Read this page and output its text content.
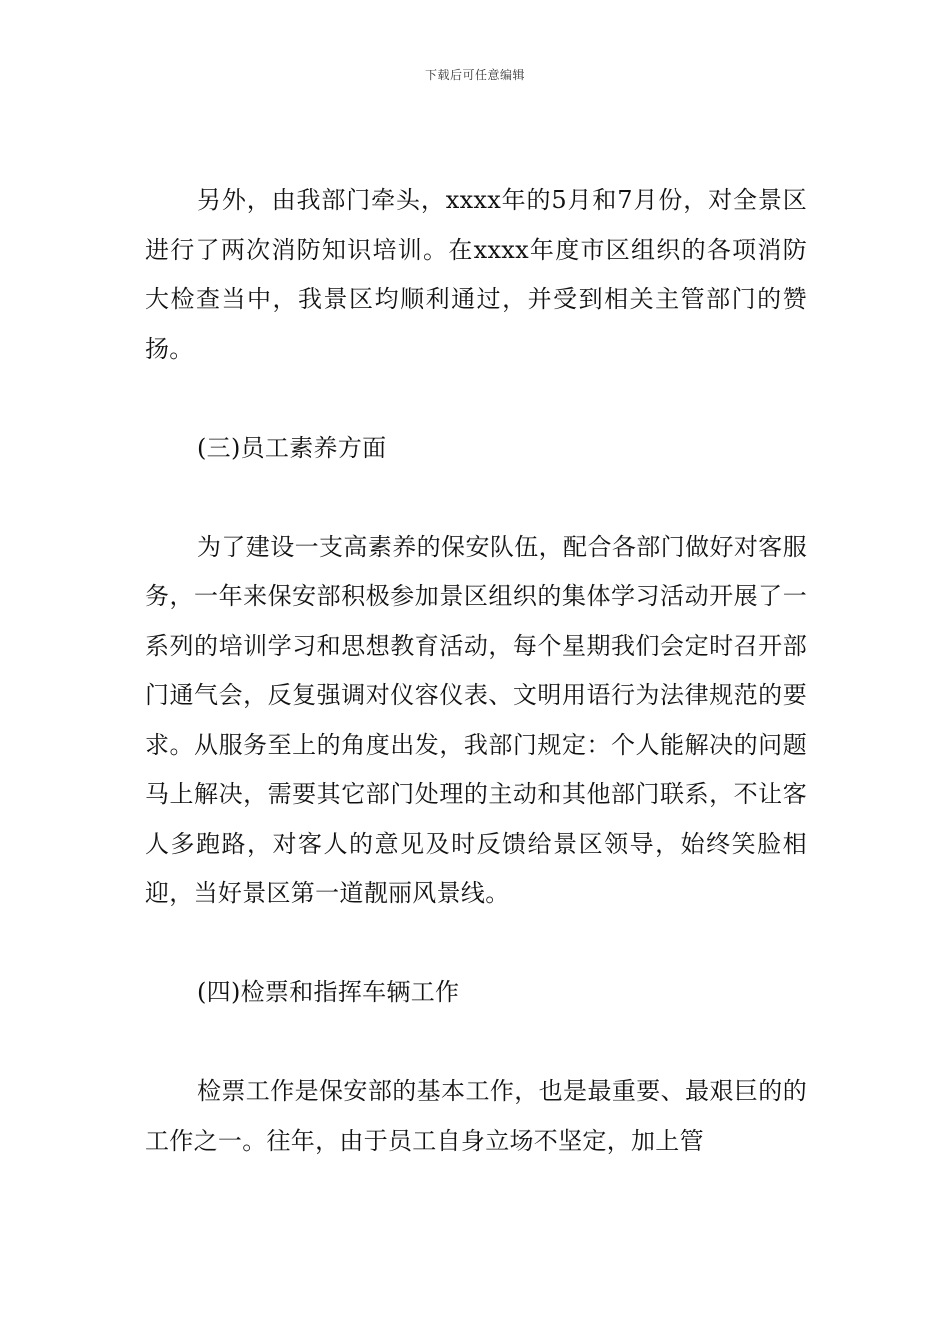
下载后可任意编辑

另外，由我部门牵头，xxxx年的5月和7月份，对全景区进行了两次消防知识培训。在xxxx年度市区组织的各项消防大检查当中，我景区均顺利通过，并受到相关主管部门的赞扬。

(三)员工素养方面

为了建设一支高素养的保安队伍，配合各部门做好对客服务，一年来保安部积极参加景区组织的集体学习活动开展了一系列的培训学习和思想教育活动，每个星期我们会定时召开部门通气会，反复强调对仪容仪表、文明用语行为法律规范的要求。从服务至上的角度出发，我部门规定：个人能解决的问题马上解决，需要其它部门处理的主动和其他部门联系，不让客人多跑路，对客人的意见及时反馈给景区领导，始终笑脸相迎，当好景区第一道靓丽风景线。

(四)检票和指挥车辆工作

检票工作是保安部的基本工作，也是最重要、最艰巨的的工作之一。往年，由于员工自身立场不坚定，加上管
